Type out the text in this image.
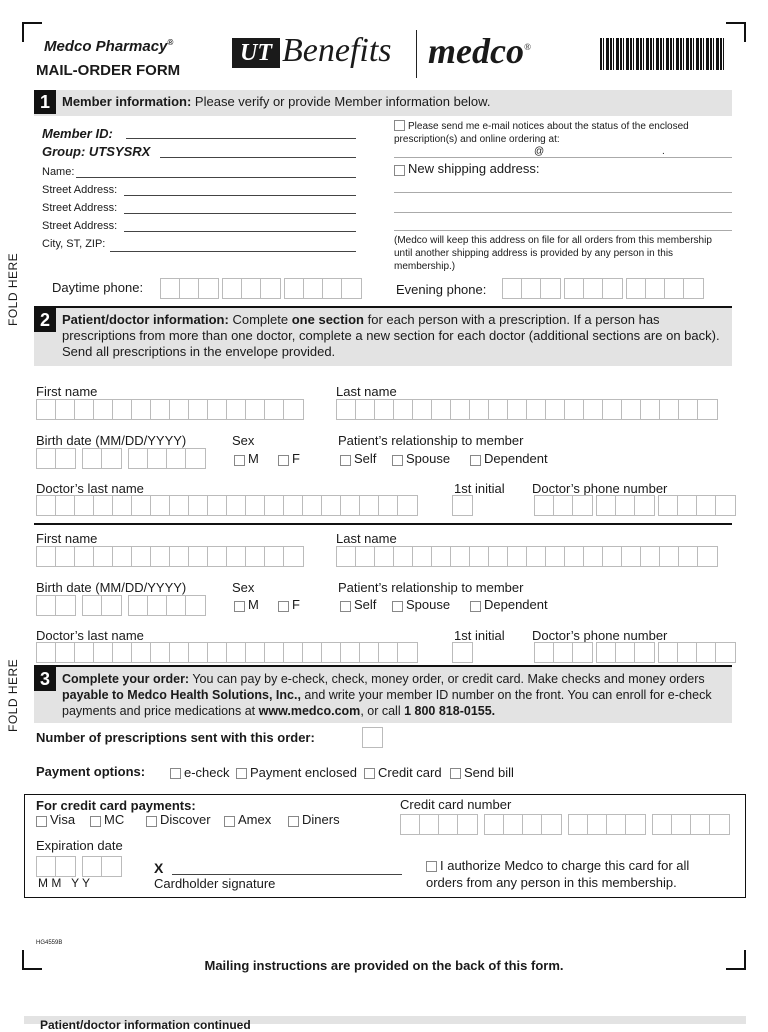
Medco Pharmacy®
MAIL-ORDER FORM
UT Benefits medco®
1 Member information: Please verify or provide Member information below.
Member ID:
Group: UTSYSRX
Name:
Street Address:
Street Address:
Street Address:
City, ST, ZIP:
Please send me e-mail notices about the status of the enclosed prescription(s) and online ordering at:
@	.
New shipping address:
(Medco will keep this address on file for all orders from this membership until another shipping address is provided by any person in this membership.)
Daytime phone:	Evening phone:
FOLD HERE	2 Patient/doctor information: Complete one section for each person with a prescription. If a person has prescriptions from more than one doctor, complete a new section for each doctor (additional sections are on back). Send all prescriptions in the envelope provided.
First name	Last name
Birth date (MM/DD/YYYY)	Sex
M	F
Patient’s relationship to member
Self Spouse	Dependent
Doctor’s last name	1st initial Doctor’s phone number
First name	Last name
Birth date (MM/DD/YYYY)	Sex
M	F
Patient’s relationship to member
Self Spouse	Dependent
Doctor’s last name	1st initial Doctor’s phone number
FOLD HERE	3 Complete your order: You can pay by e-check, check, money order, or credit card. Make checks and money orders payable to Medco Health Solutions, Inc., and write your member ID number on the front. You can enroll for e-check payments and price medications at www.medco.com, or call 1 800 818-0155.
Number of prescriptions sent with this order:
Payment options:	e-check Payment enclosed Credit card Send bill
For credit card payments:
Visa MC	Discover Amex Diners
Credit card number
Expiration date
M M   Y Y
X
Cardholder signature
I authorize Medco to charge this card for all orders from any person in this membership.
HG4559B
Mailing instructions are provided on the back of this form.
Patient/doctor information continued
